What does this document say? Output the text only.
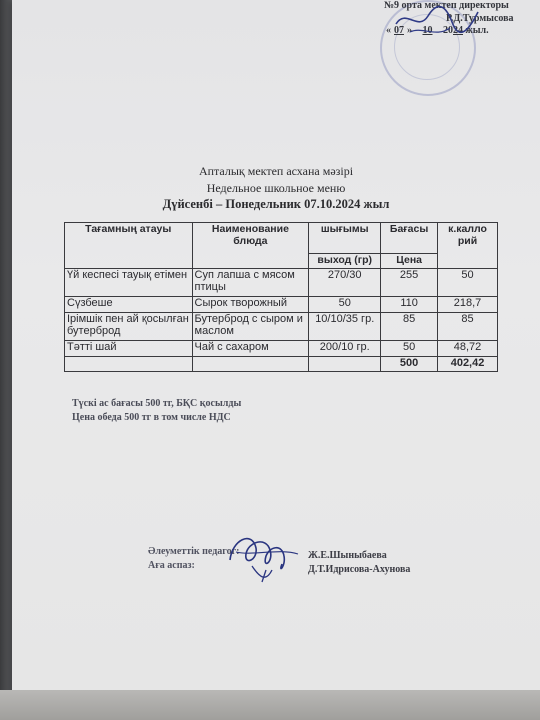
№9 орта мектеп директоры
Р.Д.Турмысова
« 07 » 10 2024 жыл.
Апталық мектеп асхана мәзірі
Недельное школьное меню
Дүйсенбі – Понедельник 07.10.2024 жыл
Тағамның атауы	Наименование блюда	шығымы	Бағасы	к.калло рий
		выход (гр)	Цена	
Үй кеспесі тауық етімен	Суп лапша с мясом птицы	270/30	255	50
Сүзбеше	Сырок творожный	50	110	218,7
Ірімшік пен ай қосылған бутерброд	Бутерброд с сыром и маслом	10/10/35 гр.	85	85
Тәтті шай	Чай с сахаром	200/10 гр.	50	48,72
			500	402,42
Түскі ас бағасы 500 тг, БҚС қосылды
Цена обеда 500 тг в том числе НДС
Әлеуметтік педагог:
Аға аспаз:
Ж.Е.Шыныбаева
Д.Т.Идрисова-Ахунова
